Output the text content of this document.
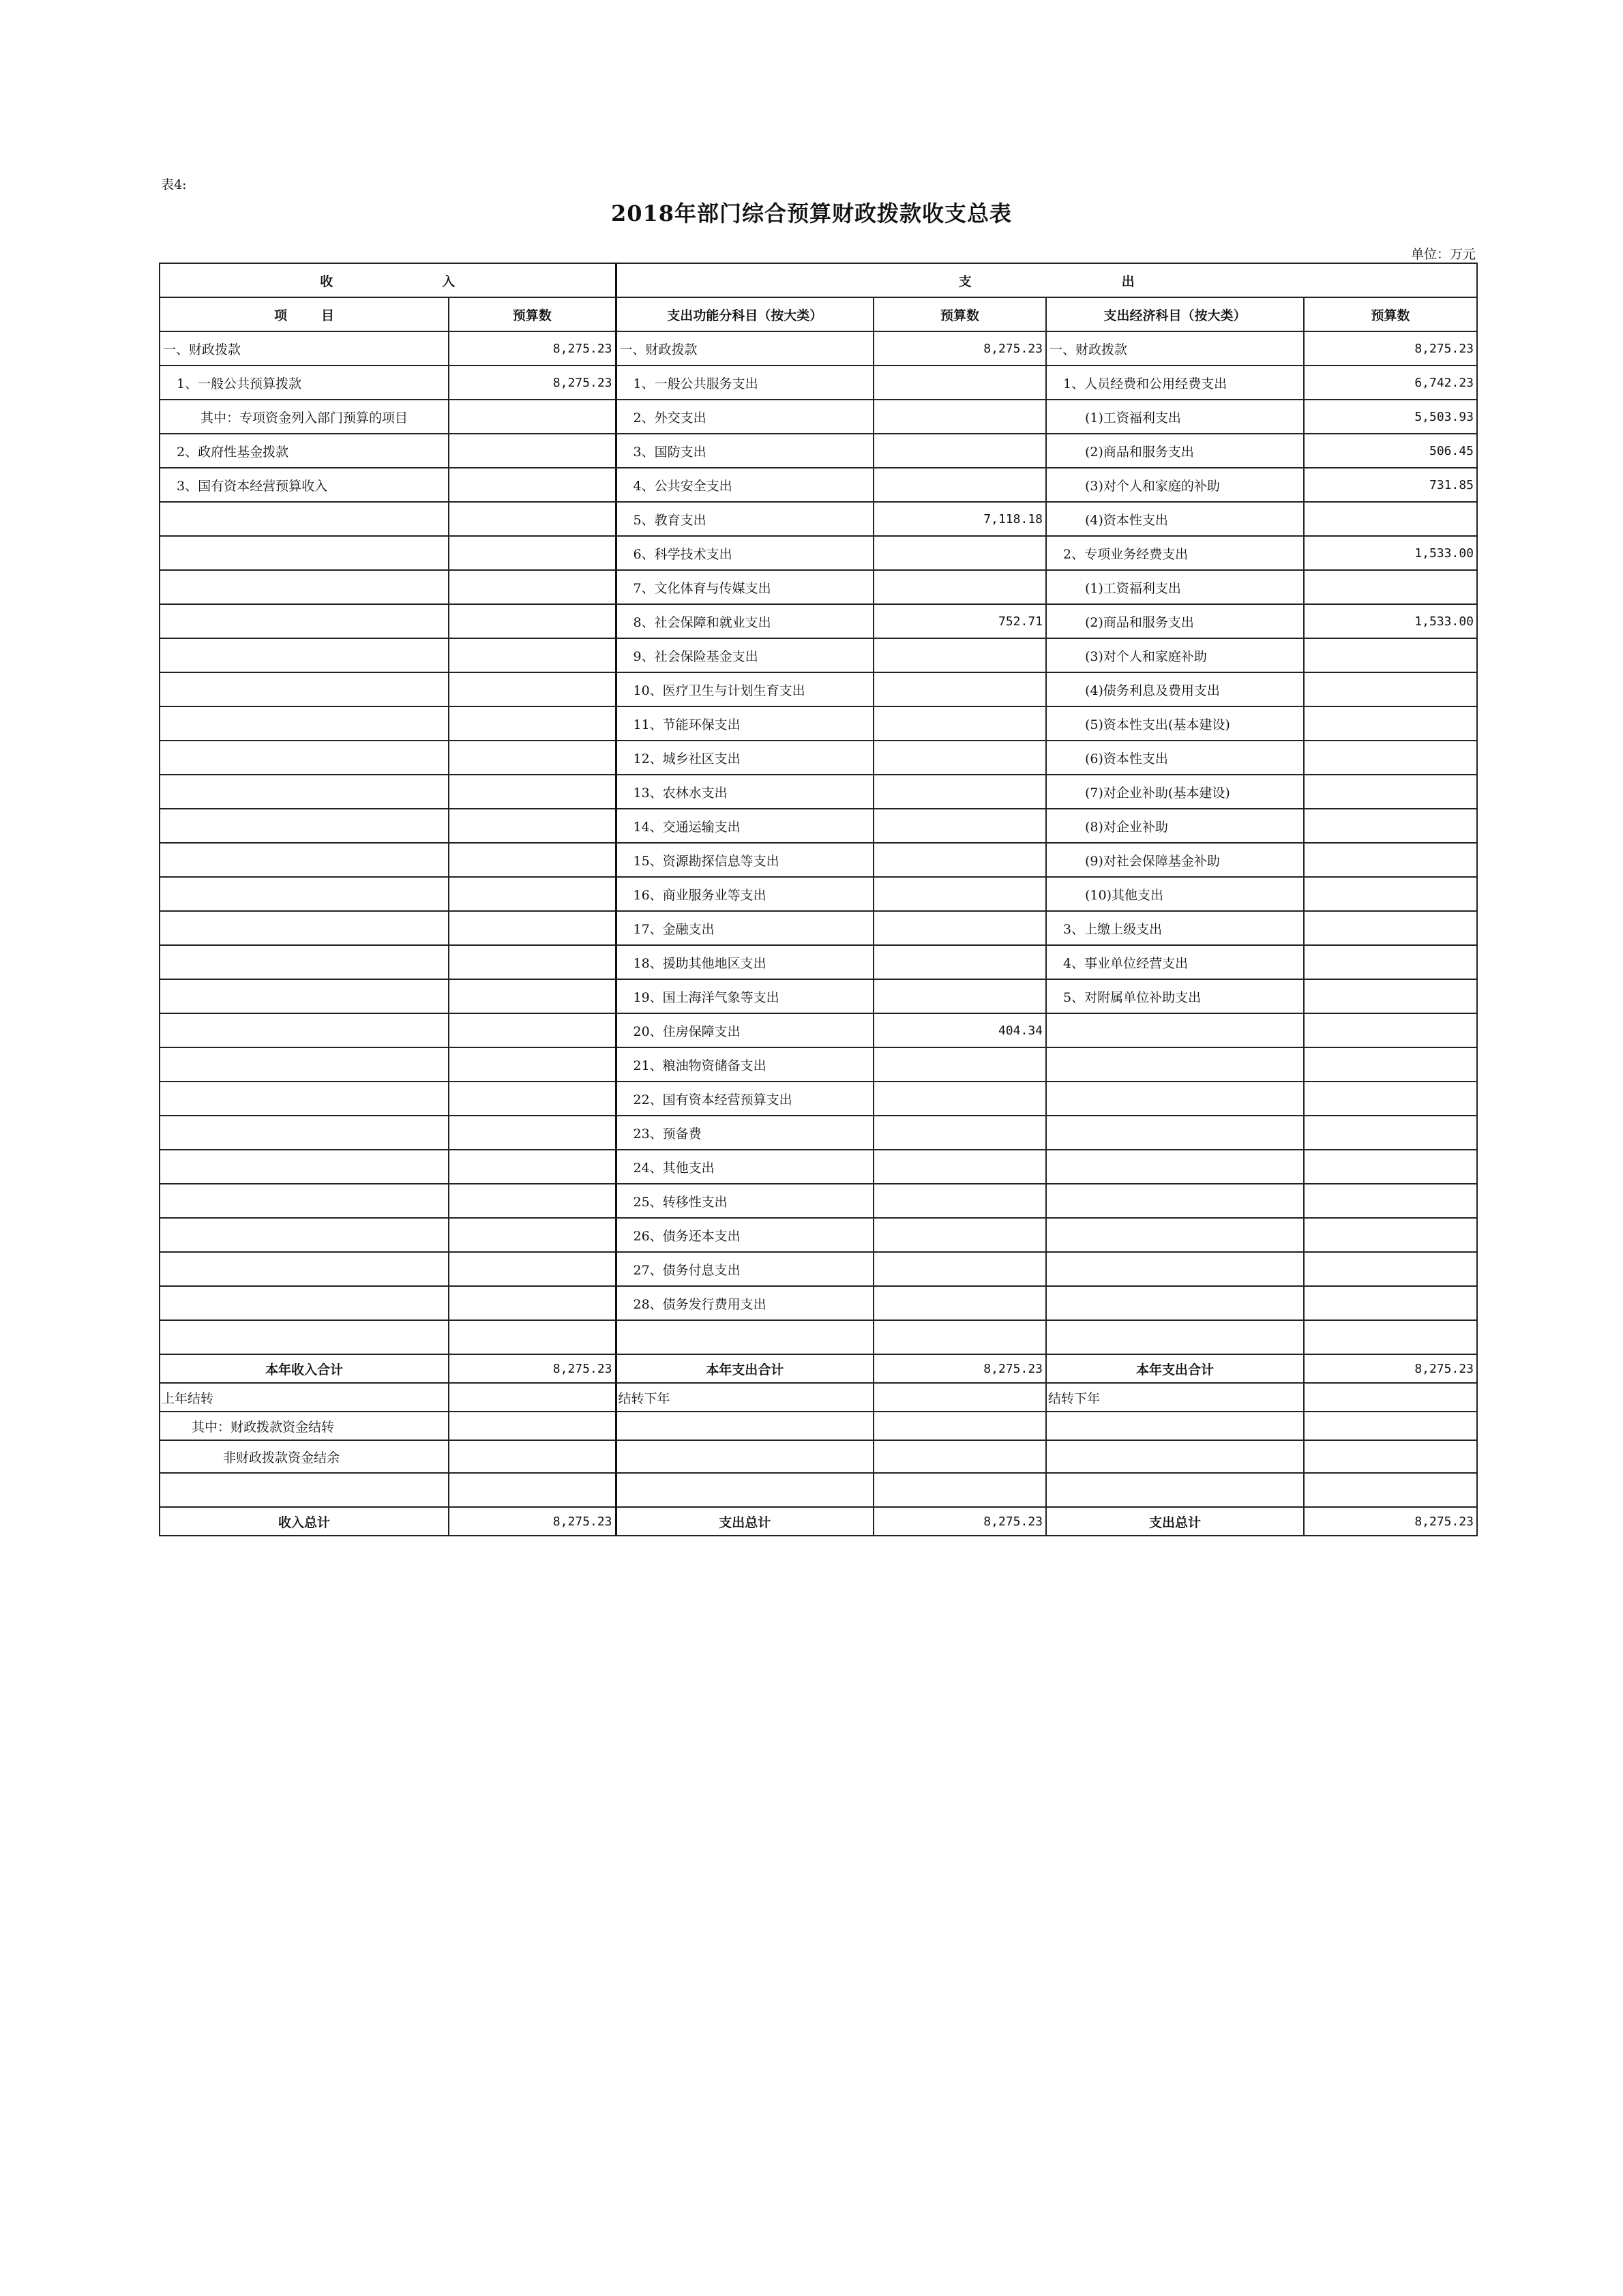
表4:
2018年部门综合预算财政拨款收支总表
单位：万元
收 入		支 出			
项 目	预算数	支出功能分科目（按大类）	预算数	支出经济科目（按大类）	预算数
一、财政拨款	8,275.23	一、财政拨款	8,275.23	一、财政拨款	8,275.23
1、一般公共预算拨款	8,275.23	1、一般公共服务支出		1、人员经费和公用经费支出	6,742.23
其中：专项资金列入部门预算的项目		2、外交支出		(1)工资福利支出	5,503.93
2、政府性基金拨款		3、国防支出		(2)商品和服务支出	506.45
3、国有资本经营预算收入		4、公共安全支出		(3)对个人和家庭的补助	731.85
		5、教育支出	7,118.18	(4)资本性支出	
		6、科学技术支出		2、专项业务经费支出	1,533.00
		7、文化体育与传媒支出		(1)工资福利支出	
		8、社会保障和就业支出	752.71	(2)商品和服务支出	1,533.00
		9、社会保险基金支出		(3)对个人和家庭补助	
		10、医疗卫生与计划生育支出		(4)债务利息及费用支出	
		11、节能环保支出		(5)资本性支出(基本建设)	
		12、城乡社区支出		(6)资本性支出	
		13、农林水支出		(7)对企业补助(基本建设)	
		14、交通运输支出		(8)对企业补助	
		15、资源勘探信息等支出		(9)对社会保障基金补助	
		16、商业服务业等支出		(10)其他支出	
		17、金融支出		3、上缴上级支出	
		18、援助其他地区支出		4、事业单位经营支出	
		19、国土海洋气象等支出		5、对附属单位补助支出	
		20、住房保障支出	404.34		
		21、粮油物资储备支出			
		22、国有资本经营预算支出			
		23、预备费			
		24、其他支出			
		25、转移性支出			
		26、债务还本支出			
		27、债务付息支出			
		28、债务发行费用支出			

本年收入合计	8,275.23	本年支出合计	8,275.23	本年支出合计	8,275.23
上年结转		结转下年		结转下年	
其中：财政拨款资金结转					
非财政拨款资金结余					

收入总计	8,275.23	支出总计	8,275.23	支出总计	8,275.23
